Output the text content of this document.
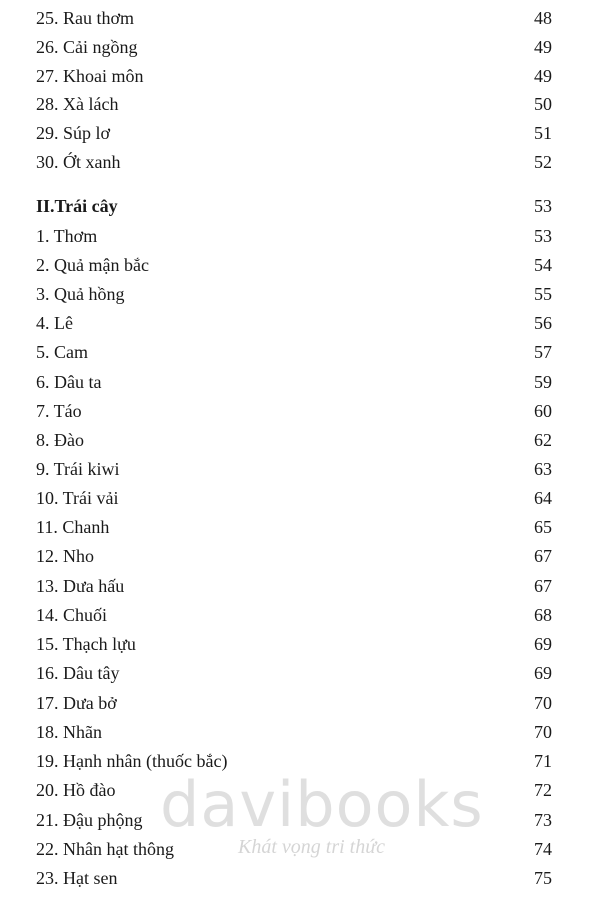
25. Rau thơm	48
26. Cải ngồng	49
27. Khoai môn	49
28. Xà lách	50
29. Súp lơ	51
30. Ớt xanh	52
II.Trái cây	53
1. Thơm	53
2. Quả mận bắc	54
3. Quả hồng	55
4. Lê	56
5. Cam	57
6. Dâu ta	59
7. Táo	60
8. Đào	62
9. Trái kiwi	63
10. Trái vải	64
11. Chanh	65
12. Nho	67
13. Dưa hấu	67
14. Chuối	68
15. Thạch lựu	69
16. Dâu tây	69
17. Dưa bở	70
18. Nhãn	70
19. Hạnh nhân (thuốc bắc)	71
20. Hồ đào	72
21. Đậu phộng	73
22. Nhân hạt thông	74
23. Hạt sen	75
davibooks
Khát vọng tri thức
